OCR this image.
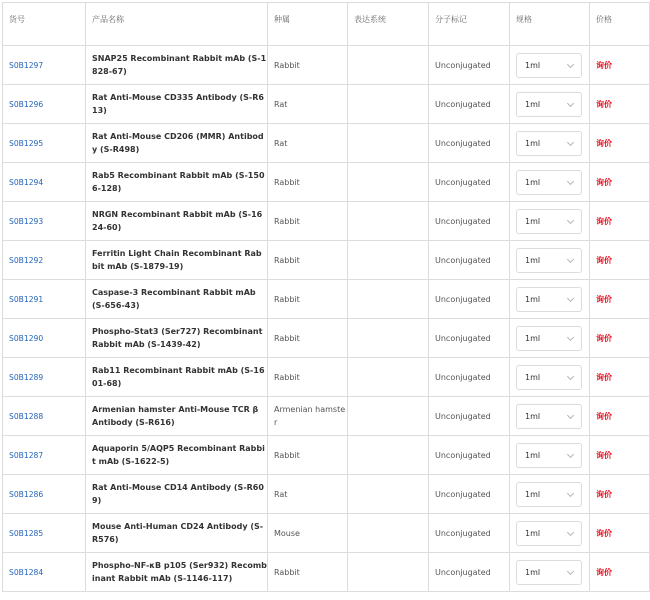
货号	产品名称	种属	表达系统	分子标记	规格	价格
S0B1297	SNAP25 Recombinant Rabbit mAb (S-1828-67)	Rabbit		Unconjugated	1ml	询价
S0B1296	Rat Anti-Mouse CD335 Antibody (S-R613)	Rat		Unconjugated	1ml	询价
S0B1295	Rat Anti-Mouse CD206 (MMR) Antibody (S-R498)	Rat		Unconjugated	1ml	询价
S0B1294	Rab5 Recombinant Rabbit mAb (S-1506-128)	Rabbit		Unconjugated	1ml	询价
S0B1293	NRGN Recombinant Rabbit mAb (S-1624-60)	Rabbit		Unconjugated	1ml	询价
S0B1292	Ferritin Light Chain Recombinant Rabbit mAb (S-1879-19)	Rabbit		Unconjugated	1ml	询价
S0B1291	Caspase-3 Recombinant Rabbit mAb (S-656-43)	Rabbit		Unconjugated	1ml	询价
S0B1290	Phospho-Stat3 (Ser727) Recombinant Rabbit mAb (S-1439-42)	Rabbit		Unconjugated	1ml	询价
S0B1289	Rab11 Recombinant Rabbit mAb (S-1601-68)	Rabbit		Unconjugated	1ml	询价
S0B1288	Armenian hamster Anti-Mouse TCR β Antibody (S-R616)	Armenian hamster		Unconjugated	1ml	询价
S0B1287	Aquaporin 5/AQP5 Recombinant Rabbit mAb (S-1622-5)	Rabbit		Unconjugated	1ml	询价
S0B1286	Rat Anti-Mouse CD14 Antibody (S-R609)	Rat		Unconjugated	1ml	询价
S0B1285	Mouse Anti-Human CD24 Antibody (S-R576)	Mouse		Unconjugated	1ml	询价
S0B1284	Phospho-NF-κB p105 (Ser932) Recombinant Rabbit mAb (S-1146-117)	Rabbit		Unconjugated	1ml	询价
